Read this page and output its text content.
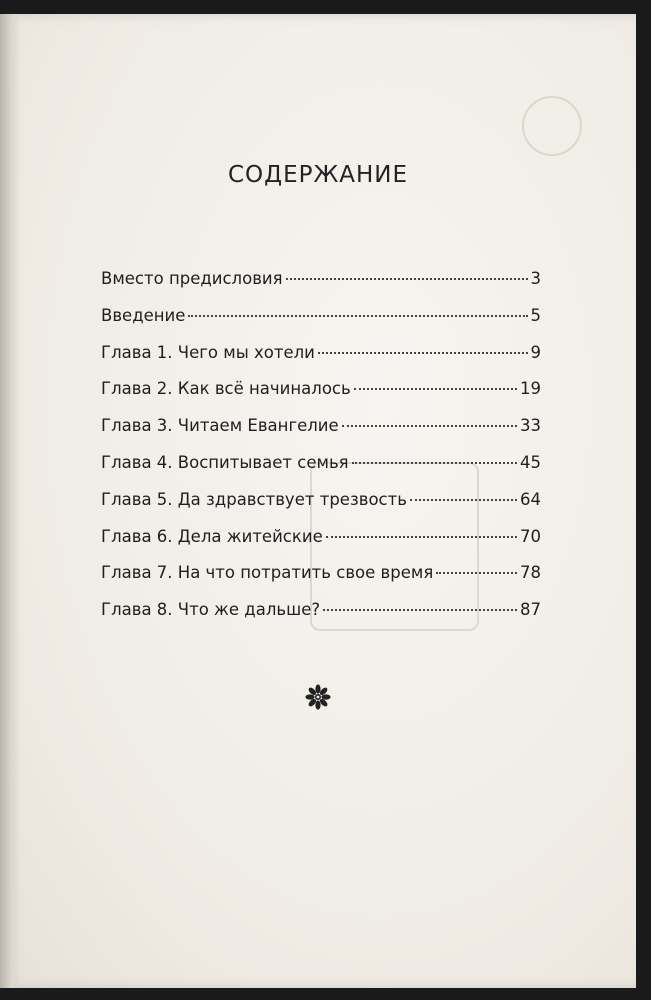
СОДЕРЖАНИЕ
Вместо предисловия	3
Введение	5
Глава 1. Чего мы хотели	9
Глава 2. Как всё начиналось	19
Глава 3. Читаем Евангелие	33
Глава 4. Воспитывает семья	45
Глава 5. Да здравствует трезвость	64
Глава 6. Дела житейские	70
Глава 7. На что потратить свое время	78
Глава 8. Что же дальше?	87
